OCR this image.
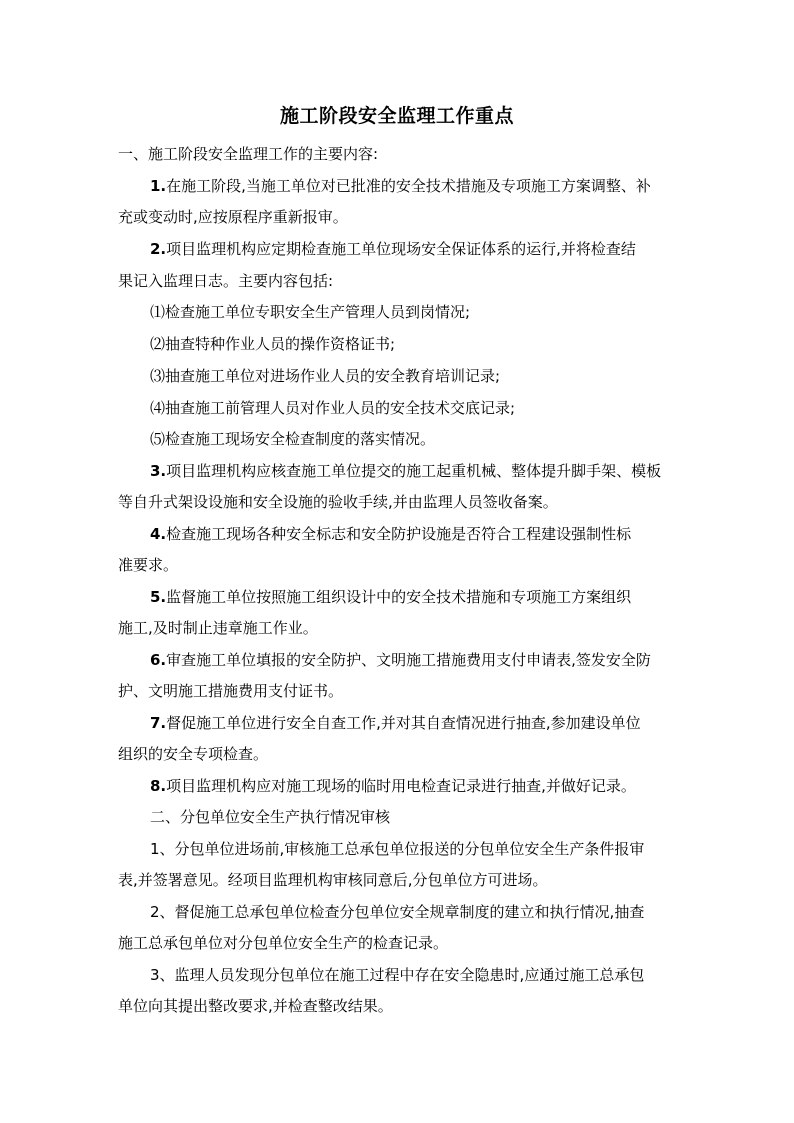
施工阶段安全监理工作重点
一、施工阶段安全监理工作的主要内容:
1.在施工阶段,当施工单位对已批准的安全技术措施及专项施工方案调整、补
充或变动时,应按原程序重新报审。
2.项目监理机构应定期检查施工单位现场安全保证体系的运行,并将检查结
果记入监理日志。主要内容包括:
⑴检查施工单位专职安全生产管理人员到岗情况;
⑵抽查特种作业人员的操作资格证书;
⑶抽查施工单位对进场作业人员的安全教育培训记录;
⑷抽查施工前管理人员对作业人员的安全技术交底记录;
⑸检查施工现场安全检查制度的落实情况。
3.项目监理机构应核查施工单位提交的施工起重机械、整体提升脚手架、模板
等自升式架设设施和安全设施的验收手续,并由监理人员签收备案。
4.检查施工现场各种安全标志和安全防护设施是否符合工程建设强制性标
准要求。
5.监督施工单位按照施工组织设计中的安全技术措施和专项施工方案组织
施工,及时制止违章施工作业。
6.审查施工单位填报的安全防护、文明施工措施费用支付申请表,签发安全防
护、文明施工措施费用支付证书。
7.督促施工单位进行安全自查工作,并对其自查情况进行抽查,参加建设单位
组织的安全专项检查。
8.项目监理机构应对施工现场的临时用电检查记录进行抽查,并做好记录。
二、分包单位安全生产执行情况审核
1、分包单位进场前,审核施工总承包单位报送的分包单位安全生产条件报审
表,并签署意见。经项目监理机构审核同意后,分包单位方可进场。
2、督促施工总承包单位检查分包单位安全规章制度的建立和执行情况,抽查
施工总承包单位对分包单位安全生产的检查记录。
3、监理人员发现分包单位在施工过程中存在安全隐患时,应通过施工总承包
单位向其提出整改要求,并检查整改结果。
